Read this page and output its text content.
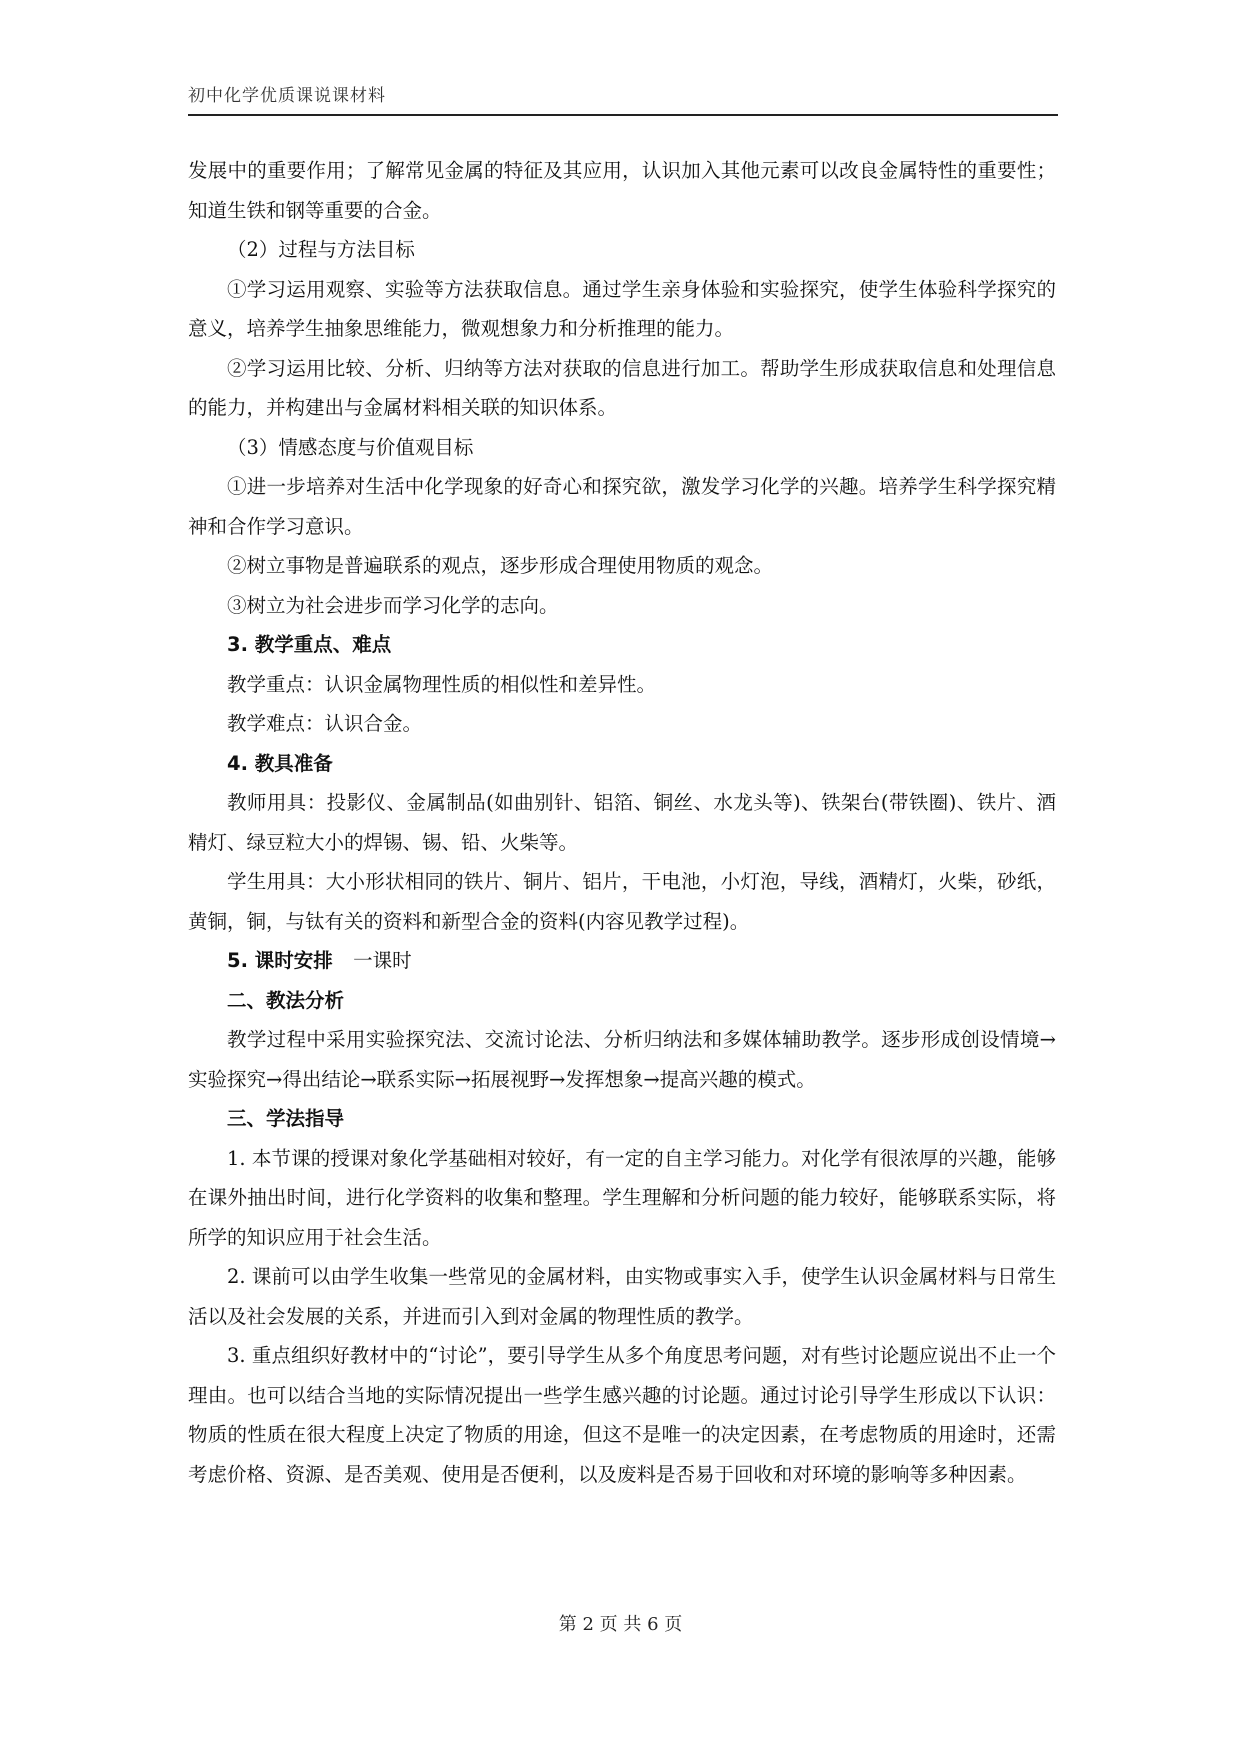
初中化学优质课说课材料

发展中的重要作用；了解常见金属的特征及其应用，认识加入其他元素可以改良金属特性的重要性；知道生铁和钢等重要的合金。

（2）过程与方法目标

①学习运用观察、实验等方法获取信息。通过学生亲身体验和实验探究，使学生体验科学探究的意义，培养学生抽象思维能力，微观想象力和分析推理的能力。

②学习运用比较、分析、归纳等方法对获取的信息进行加工。帮助学生形成获取信息和处理信息的能力，并构建出与金属材料相关联的知识体系。

（3）情感态度与价值观目标

①进一步培养对生活中化学现象的好奇心和探究欲，激发学习化学的兴趣。培养学生科学探究精神和合作学习意识。

②树立事物是普遍联系的观点，逐步形成合理使用物质的观念。

③树立为社会进步而学习化学的志向。

3. 教学重点、难点

教学重点：认识金属物理性质的相似性和差异性。

教学难点：认识合金。

4. 教具准备

教师用具：投影仪、金属制品(如曲别针、铝箔、铜丝、水龙头等)、铁架台(带铁圈)、铁片、酒精灯、绿豆粒大小的焊锡、锡、铅、火柴等。

学生用具：大小形状相同的铁片、铜片、铝片，干电池，小灯泡，导线，酒精灯，火柴，砂纸，黄铜，铜，与钛有关的资料和新型合金的资料(内容见教学过程)。

5. 课时安排 一课时

二、教法分析

教学过程中采用实验探究法、交流讨论法、分析归纳法和多媒体辅助教学。逐步形成创设情境→实验探究→得出结论→联系实际→拓展视野→发挥想象→提高兴趣的模式。

三、学法指导

1. 本节课的授课对象化学基础相对较好，有一定的自主学习能力。对化学有很浓厚的兴趣，能够在课外抽出时间，进行化学资料的收集和整理。学生理解和分析问题的能力较好，能够联系实际，将所学的知识应用于社会生活。

2. 课前可以由学生收集一些常见的金属材料，由实物或事实入手，使学生认识金属材料与日常生活以及社会发展的关系，并进而引入到对金属的物理性质的教学。

3. 重点组织好教材中的“讨论”，要引导学生从多个角度思考问题，对有些讨论题应说出不止一个理由。也可以结合当地的实际情况提出一些学生感兴趣的讨论题。通过讨论引导学生形成以下认识：物质的性质在很大程度上决定了物质的用途，但这不是唯一的决定因素，在考虑物质的用途时，还需考虑价格、资源、是否美观、使用是否便利，以及废料是否易于回收和对环境的影响等多种因素。

第 2 页 共 6 页
